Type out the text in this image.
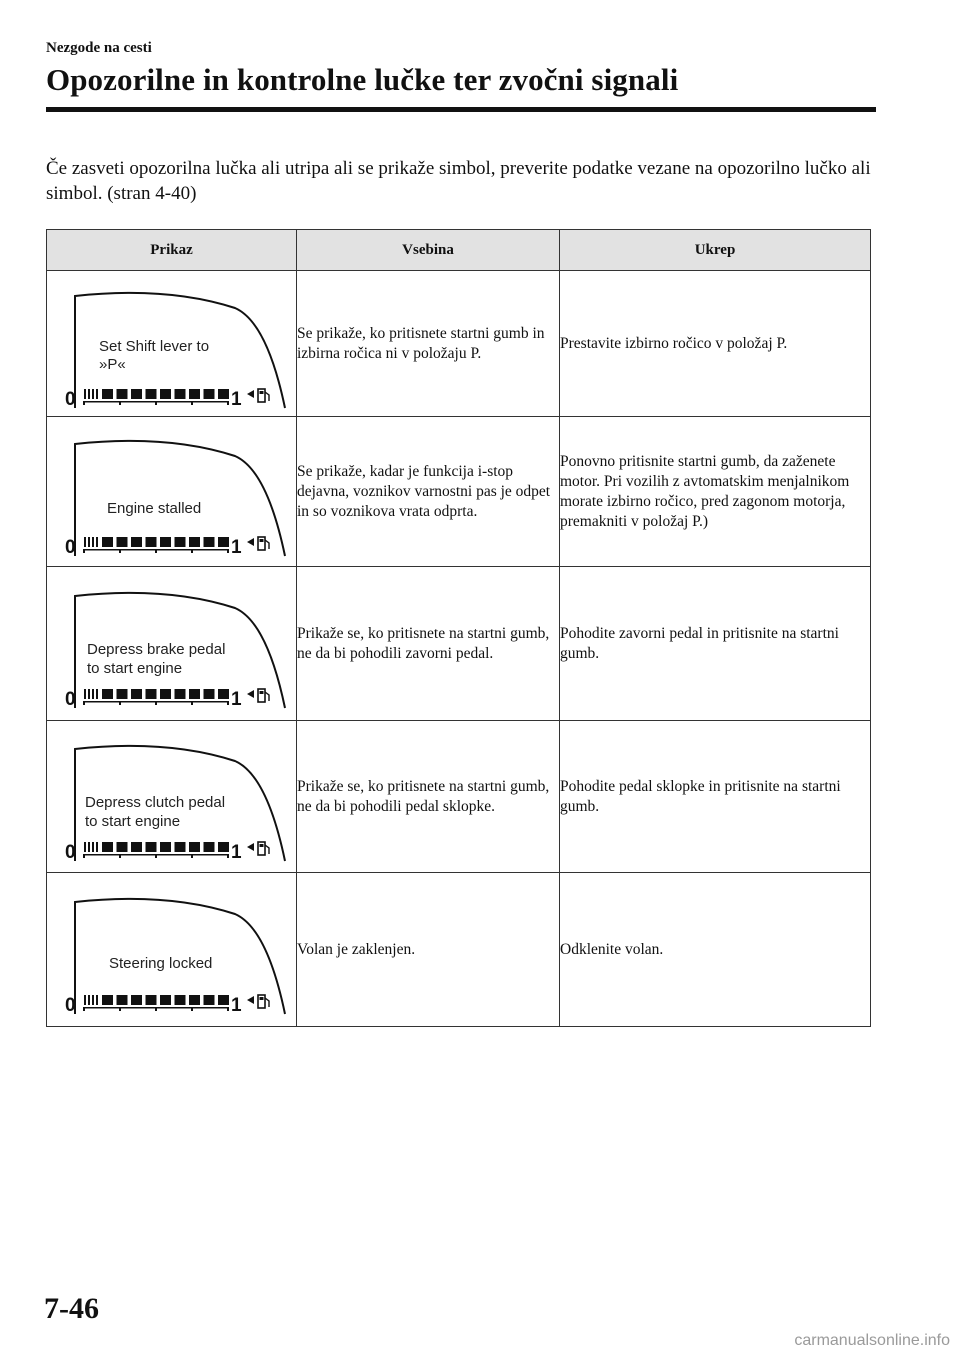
Nezgode na cesti
Opozorilne in kontrolne lučke ter zvočni signali

Če zasveti opozorilna lučka ali utripa ali se prikaže simbol, preverite podatke vezane na opozorilno lučko ali simbol. (stran 4-40)

Prikaz	Vsebina	Ukrep

Set Shift lever to
»P«
0 1	Se prikaže, ko pritisnete startni gumb in izbirna ročica ni v položaju P.	Prestavite izbirno ročico v položaj P.

Engine stalled
0 1	Se prikaže, kadar je funkcija i-stop dejavna, voznikov varnostni pas je odpet in so voznikova vrata odprta.	Ponovno pritisnite startni gumb, da zaženete motor. Pri vozilih z avtomatskim menjalnikom morate izbirno ročico, pred zagonom motorja, premakniti v položaj P.)

Depress brake pedal
to start engine
0 1	Prikaže se, ko pritisnete na startni gumb, ne da bi pohodili zavorni pedal.	Pohodite zavorni pedal in pritisnite na startni gumb.

Depress clutch pedal
to start engine
0 1	Prikaže se, ko pritisnete na startni gumb, ne da bi pohodili pedal sklopke.	Pohodite pedal sklopke in pritisnite na startni gumb.

Steering locked
0 1	Volan je zaklenjen.	Odklenite volan.
7-46
carmanualsonline.info
